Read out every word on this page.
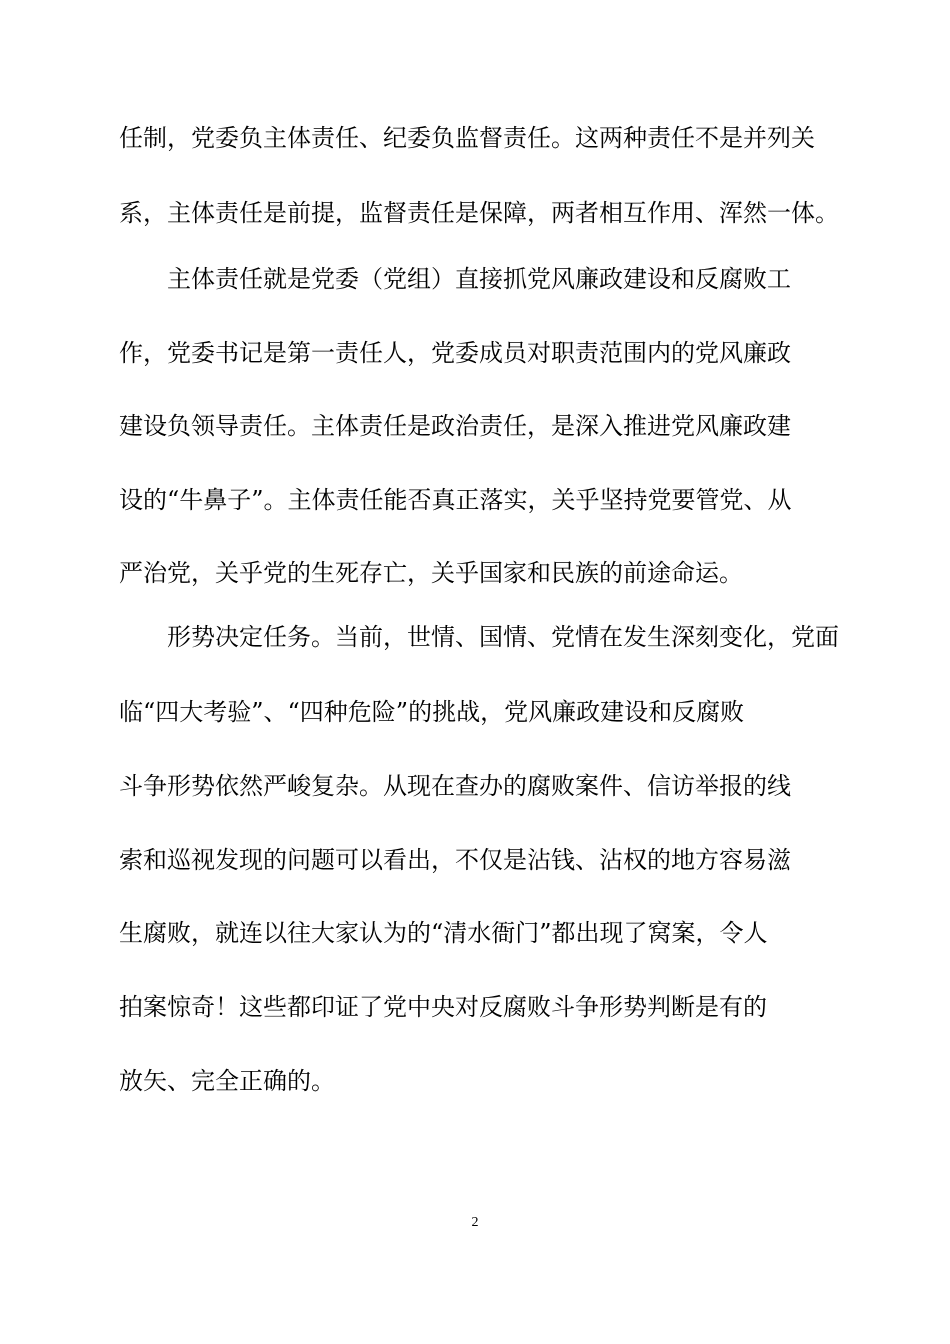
任制，党委负主体责任、纪委负监督责任。这两种责任不是并列关
系，主体责任是前提，监督责任是保障，两者相互作用、浑然一体。
　　主体责任就是党委（党组）直接抓党风廉政建设和反腐败工
作，党委书记是第一责任人，党委成员对职责范围内的党风廉政
建设负领导责任。主体责任是政治责任，是深入推进党风廉政建
设的“牛鼻子”。主体责任能否真正落实，关乎坚持党要管党、从
严治党，关乎党的生死存亡，关乎国家和民族的前途命运。
　　形势决定任务。当前，世情、国情、党情在发生深刻变化，党面
临“四大考验”、“四种危险”的挑战，党风廉政建设和反腐败
斗争形势依然严峻复杂。从现在查办的腐败案件、信访举报的线
索和巡视发现的问题可以看出，不仅是沾钱、沾权的地方容易滋
生腐败，就连以往大家认为的“清水衙门”都出现了窝案，令人
拍案惊奇！这些都印证了党中央对反腐败斗争形势判断是有的
放矢、完全正确的。
2
